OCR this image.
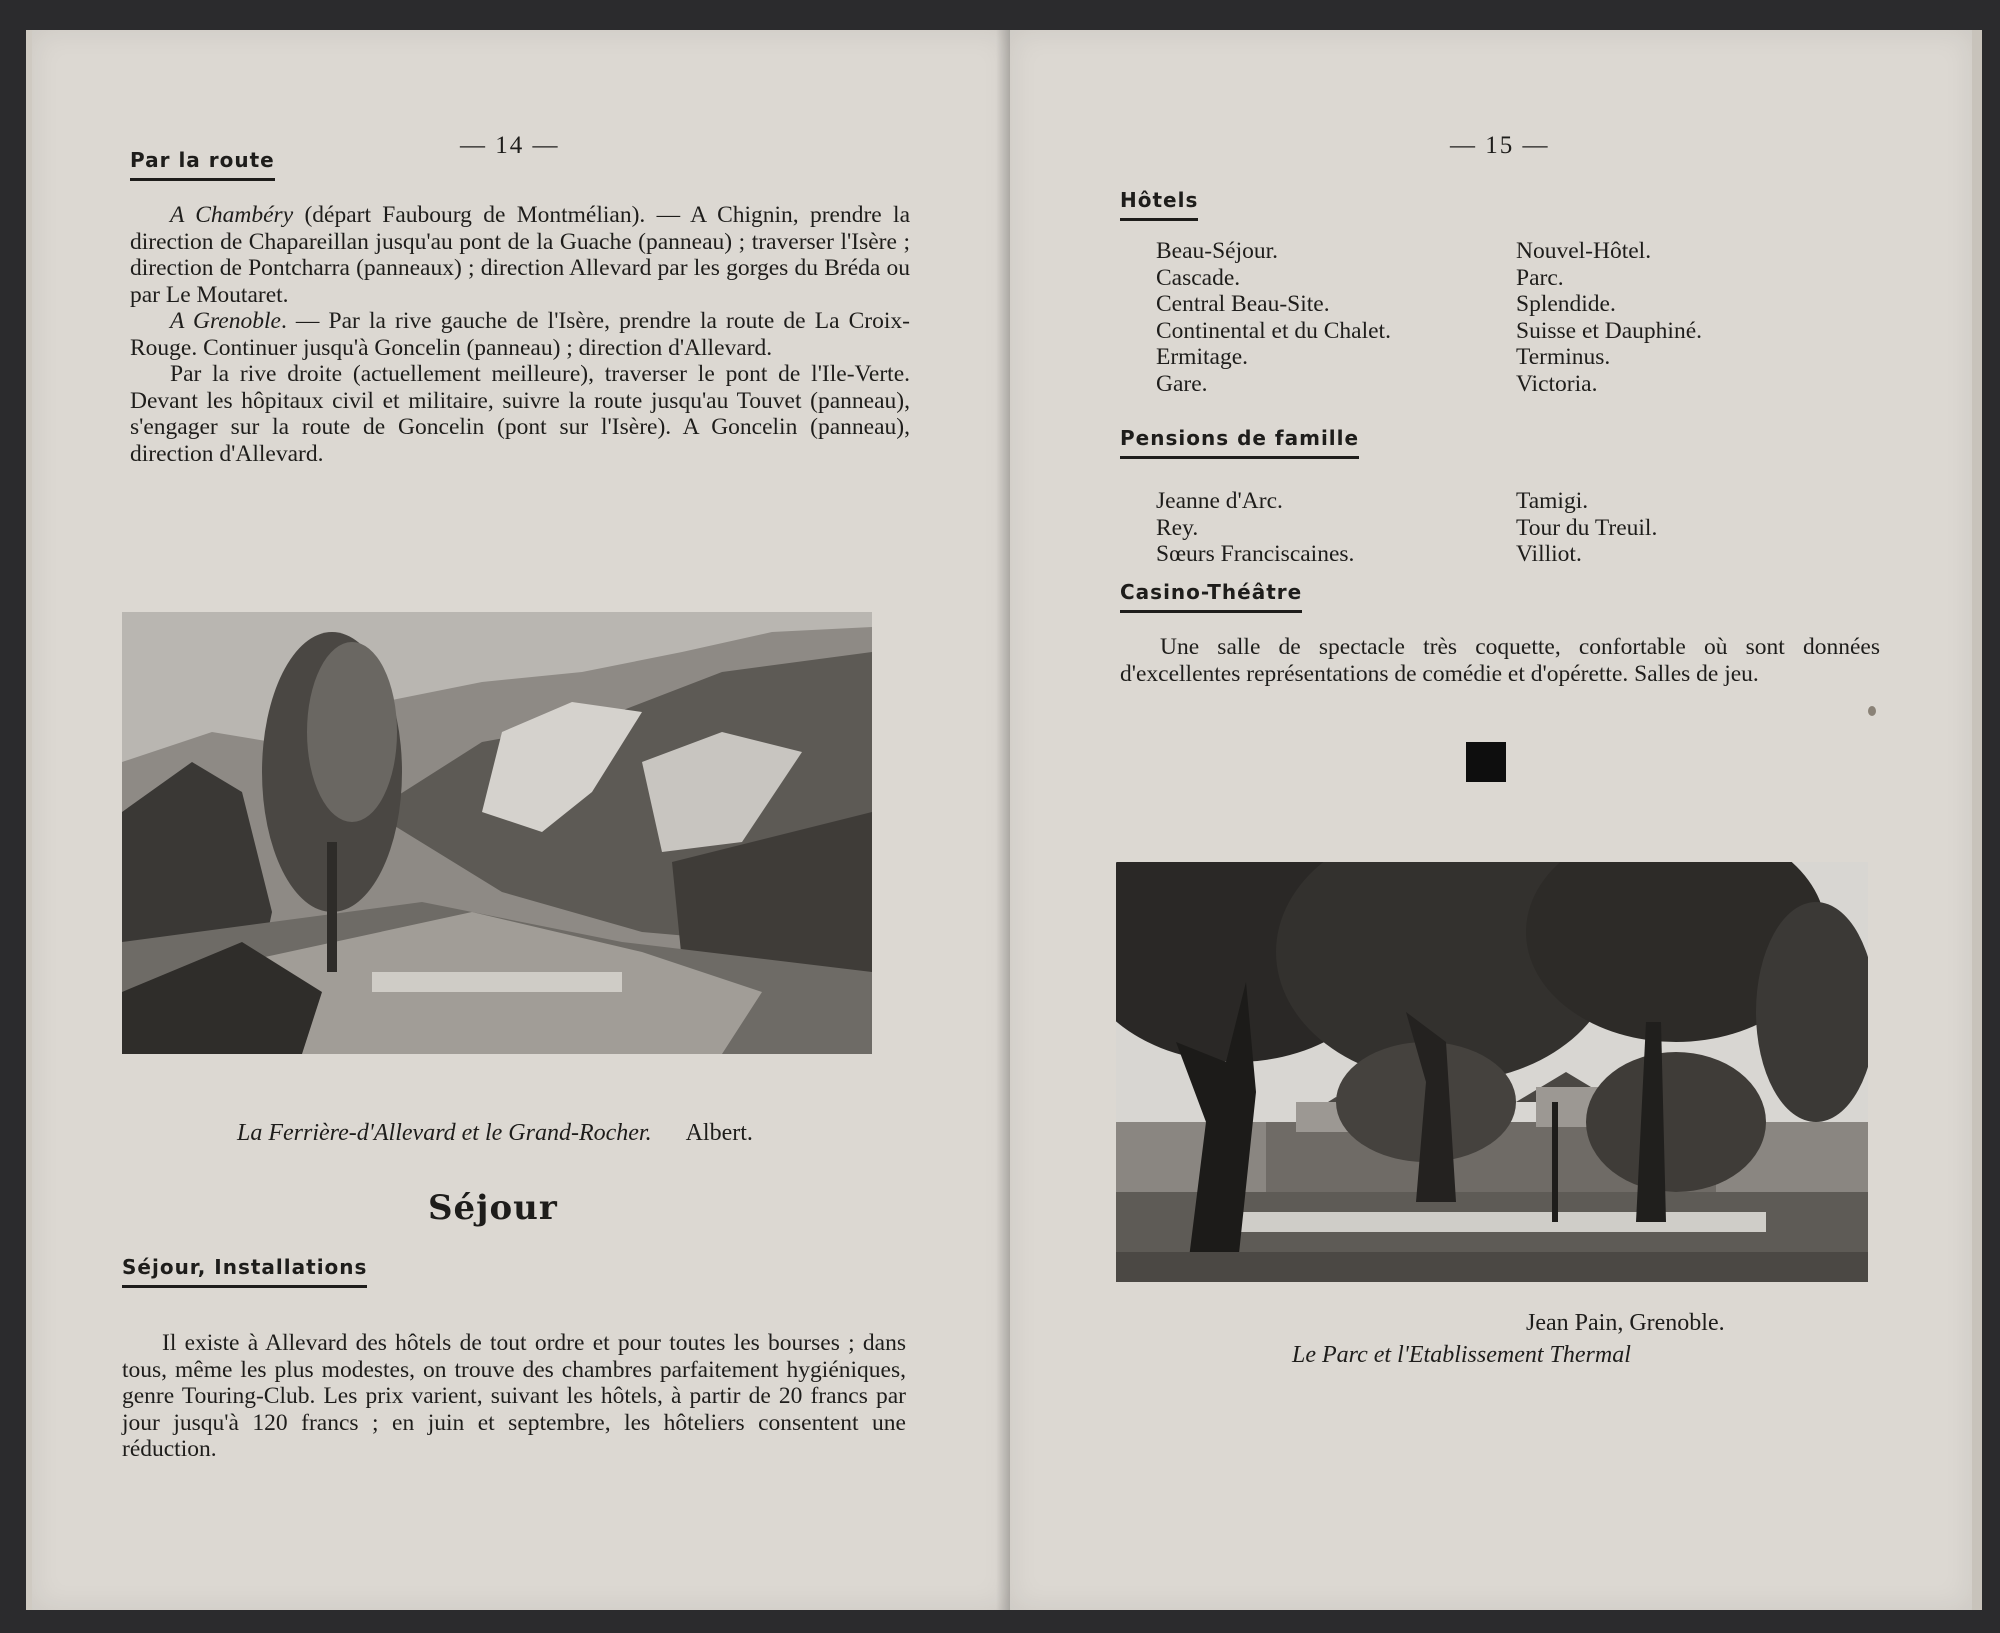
— 14 —
Par la route

A Chambéry (départ Faubourg de Montmélian). — A Chignin, prendre la direction de Chapareillan jusqu'au pont de la Guache (panneau) ; traverser l'Isère ; direction de Pontcharra (panneaux) ; direction Allevard par les gorges du Bréda ou par Le Moutaret.

A Grenoble. — Par la rive gauche de l'Isère, prendre la route de La Croix-Rouge. Continuer jusqu'à Goncelin (panneau) ; direction d'Allevard.

Par la rive droite (actuellement meilleure), traverser le pont de l'Ile-Verte. Devant les hôpitaux civil et militaire, suivre la route jusqu'au Touvet (panneau), s'engager sur la route de Goncelin (pont sur l'Isère). A Goncelin (panneau), direction d'Allevard.

La Ferrière-d'Allevard et le Grand-Rocher. Albert.
Séjour
Séjour, Installations

Il existe à Allevard des hôtels de tout ordre et pour toutes les bourses ; dans tous, même les plus modestes, on trouve des chambres parfaitement hygiéniques, genre Touring-Club. Les prix varient, suivant les hôtels, à partir de 20 francs par jour jusqu'à 120 francs ; en juin et septembre, les hôteliers consentent une réduction.

— 15 —
Hôtels
Beau-Séjour.
Cascade.
Central Beau-Site.
Continental et du Chalet.
Ermitage.
Gare.
Nouvel-Hôtel.
Parc.
Splendide.
Suisse et Dauphiné.
Terminus.
Victoria.
Pensions de famille
Jeanne d'Arc.
Rey.
Sœurs Franciscaines.
Tamigi.
Tour du Treuil.
Villiot.
Casino-Théâtre

Une salle de spectacle très coquette, confortable où sont données d'excellentes représentations de comédie et d'opérette. Salles de jeu.

Jean Pain, Grenoble.
Le Parc et l'Etablissement Thermal
